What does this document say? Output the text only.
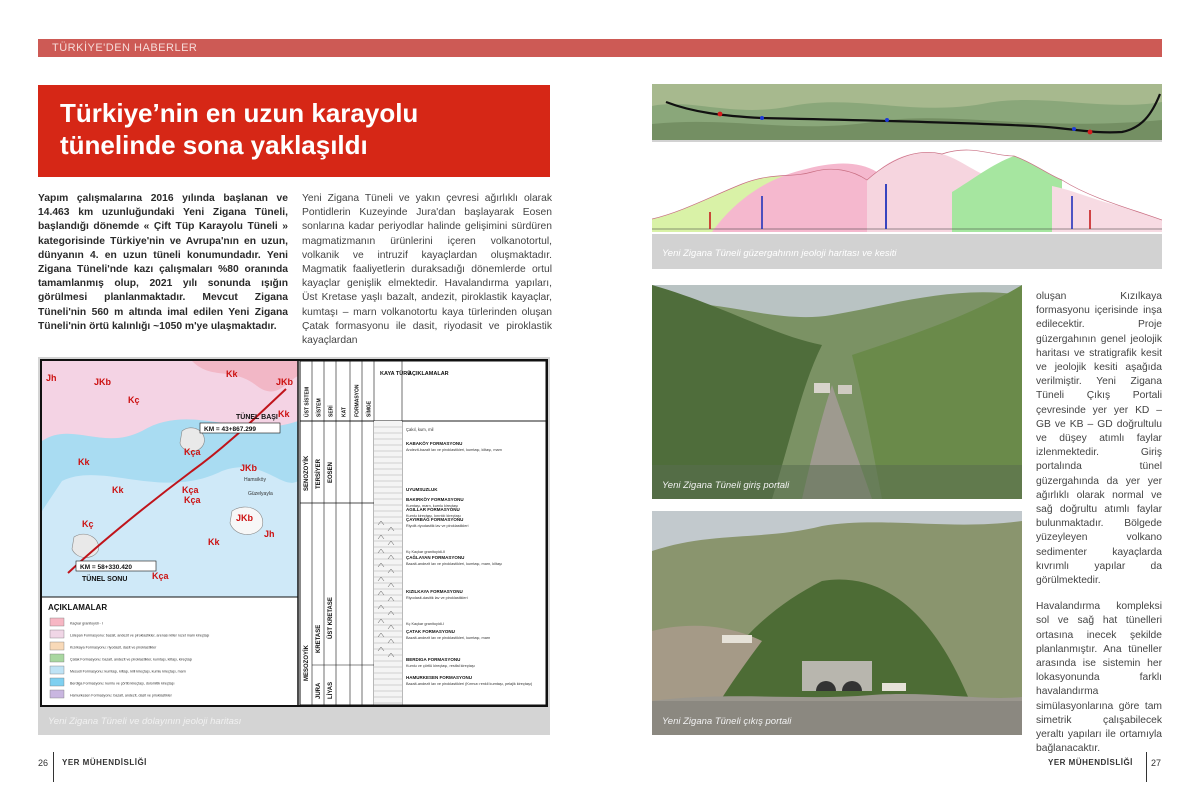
TÜRKİYE'DEN HABERLER
Türkiye’nin en uzun karayolu tünelinde sona yaklaşıldı

Yapım çalışmalarına 2016 yılında başlanan ve 14.463 km uzunluğundaki Yeni Zigana Tüneli, başlandığı dönemde « Çift Tüp Karayolu Tüneli » kategorisinde Türkiye'nin ve Avrupa'nın en uzun, dünyanın 4. en uzun tüneli konumundadır. Yeni Zigana Tüneli'nde kazı çalışmaları %80 oranında tamamlanmış olup, 2021 yılı sonunda ışığın görülmesi planlanmaktadır. Mevcut Zigana Tüneli'nin 560 m altında imal edilen Yeni Zigana Tüneli'nin örtü kalınlığı ~1050 m'ye ulaşmaktadır.

Yeni Zigana Tüneli ve yakın çevresi ağırlıklı olarak Pontidlerin Kuzeyinde Jura'dan başlayarak Eosen sonlarına kadar periyodlar halinde gelişimini sürdüren magmatizmanın ürünlerini içeren volkanotortul, volkanik ve intruzif kayaçlardan oluşmaktadır. Magmatik faaliyetlerin duraksadığı dönemlerde ortul kayaçlar genişlik elmektedir. Havalandırma yapıları, Üst Kretase yaşlı bazalt, andezit, piroklastik kayaçlar, kumtaşı – marn volkanotortu kaya türlerinden oluşan Çatak formasyonu ile dasit, riyodasit ve piroklastik kayaçlardan

Jh	JKb
Kk
Kç
Kça
Kk
JKb
Kça
Kk
Kç
Kk
JKb
Jh
Kça
JKb
Kk
Kça
Hamsiköy
Güzelyayla
TÜNEL BAŞI
KM = 43+867.299
KM = 58+330.420
TÜNEL SONU
AÇIKLAMALAR
Kaçkar granitoyidi - I
Lülepan Formasyonu: bazalt, andezit ve piroklastikler, arenası killer rozet marn kireçtaşı
Kızılkaya Formasyonu: riyodasit, dasit ve piroklastikler
Çatak Formasyonu: bazalt, andezit ve piroklastikler, kumtaşı, kiltaşı, kireçtaşı
Mesudi Formasyonu: kumtaşı, kiltaşı, killi kireçtaşı, kumlu kireçtaşı, marn
Berdiga Formasyonu: kumlu ve çörtlü kireçtaşı, dolomitik kireçtaşı
Hamurkesen Formasyonu: bazalt, andezit, dasit ve piroklastikler
ÜST SİSTEM SİSTEM SERİ KAT FORMASYON SİMGE
KAYA TÜRÜ
AÇIKLAMALAR
SENOZOYİK
MESOZOYİK
TERSİYER
KRETASE
JURA
EOSEN
ÜST KRETASE
LİYAS
Çakıl, kum, mil
KABAKÖY FORMASYONU
Andezit-bazalt lav ve piroklastikleri, kumtaşı, kiltaşı, marn
UYUMSUZLUK
BAKIRKÖY FORMASYONU
Kumtaşı, marn, kumlu kireçtaşı
AGILLAR FORMASYONU
Kumlu kireçtaşı, kırıntılı kireçtaşı
ÇAYIRBAĞ FORMASYONU
Riyolit-riyodasitik lav ve piroklastikleri
ÇAĞLAYAN FORMASYONU
Bazalt-andezit lav ve piroklastikleri, kumtaşı, marn, kiltaşı
KIZILKAYA FORMASYONU
Riyodasit-dasitik lav ve piroklastikleri
ÇATAK FORMASYONU
Bazalt-andezit lav ve piroklastikleri, kumtaşı, marn
BERDIGA FORMASYONU
Kumlu ve çörtlü kireçtaşı, resifal kireçtaşı
HAMURKESEN FORMASYONU
Bazalt-andezit lav ve piroklastikleri (Kırmızı renkli kumtaşı, pelajik kireçtaşı)
Kç Kaçkar granitoyidi-II
Kç Kaçkar granitoyidi-I
Yeni Zigana Tüneli ve dolayının jeoloji haritası
Yeni Zigana Tüneli güzergahının jeoloji haritası ve kesiti
Yeni Zigana Tüneli giriş portali
Yeni Zigana Tüneli çıkış portali

oluşan Kızılkaya formasyonu içerisinde inşa edilecektir. Proje güzergahının genel jeolojik haritası ve stratigrafik kesit ve jeolojik kesiti aşağıda verilmiştir. Yeni Zigana Tüneli Çıkış Portali çevresinde yer yer KD – GB ve KB – GD doğrultulu ve düşey atımlı faylar izlenmektedir. Giriş portalında tünel güzergahında da yer yer ağırlıklı olarak normal ve sağ doğrultu atımlı faylar bulunmaktadır. Bölgede yüzeyleyen volkano sedimenter kayaçlarda kıvrımlı yapılar da görülmektedir.

Havalandırma kompleksi sol ve sağ hat tünelleri ortasına inecek şekilde planlanmıştır. Ana tüneller arasında ise sistemin her lokasyonunda farklı havalandırma simülasyonlarına göre tam simetrik çalışabilecek yeraltı yapıları ile ortamıyla bağlanacaktır.

26 YER MÜHENDİSLİĞİ	YER MÜHENDİSLİĞİ 27
